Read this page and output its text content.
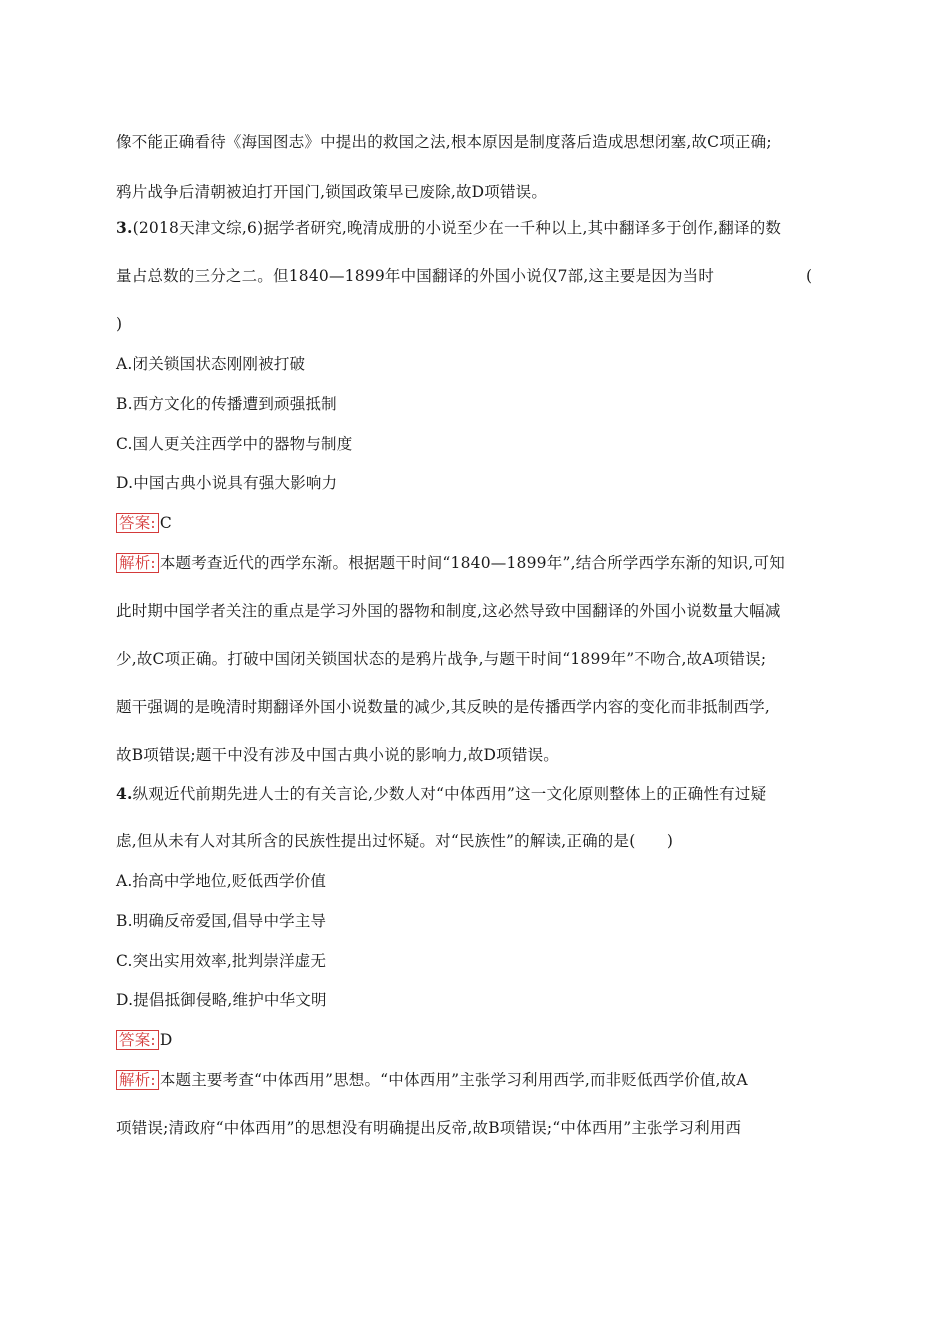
像不能正确看待《海国图志》中提出的救国之法,根本原因是制度落后造成思想闭塞,故C项正确;
鸦片战争后清朝被迫打开国门,锁国政策早已废除,故D项错误。
3.(2018天津文综,6)据学者研究,晚清成册的小说至少在一千种以上,其中翻译多于创作,翻译的数
量占总数的三分之二。但1840—1899年中国翻译的外国小说仅7部,这主要是因为当时	(
)
A.闭关锁国状态刚刚被打破
B.西方文化的传播遭到顽强抵制
C.国人更关注西学中的器物与制度
D.中国古典小说具有强大影响力
答案: C
解析: 本题考查近代的西学东渐。根据题干时间“1840—1899年”,结合所学西学东渐的知识,可知
此时期中国学者关注的重点是学习外国的器物和制度,这必然导致中国翻译的外国小说数量大幅减
少,故C项正确。打破中国闭关锁国状态的是鸦片战争,与题干时间“1899年”不吻合,故A项错误;
题干强调的是晚清时期翻译外国小说数量的减少,其反映的是传播西学内容的变化而非抵制西学,
故B项错误;题干中没有涉及中国古典小说的影响力,故D项错误。
4.纵观近代前期先进人士的有关言论,少数人对“中体西用”这一文化原则整体上的正确性有过疑
虑,但从未有人对其所含的民族性提出过怀疑。对“民族性”的解读,正确的是(　　)
A.抬高中学地位,贬低西学价值
B.明确反帝爱国,倡导中学主导
C.突出实用效率,批判崇洋虚无
D.提倡抵御侵略,维护中华文明
答案: D
解析: 本题主要考查“中体西用”思想。“中体西用”主张学习利用西学,而非贬低西学价值,故A
项错误;清政府“中体西用”的思想没有明确提出反帝,故B项错误;“中体西用”主张学习利用西
